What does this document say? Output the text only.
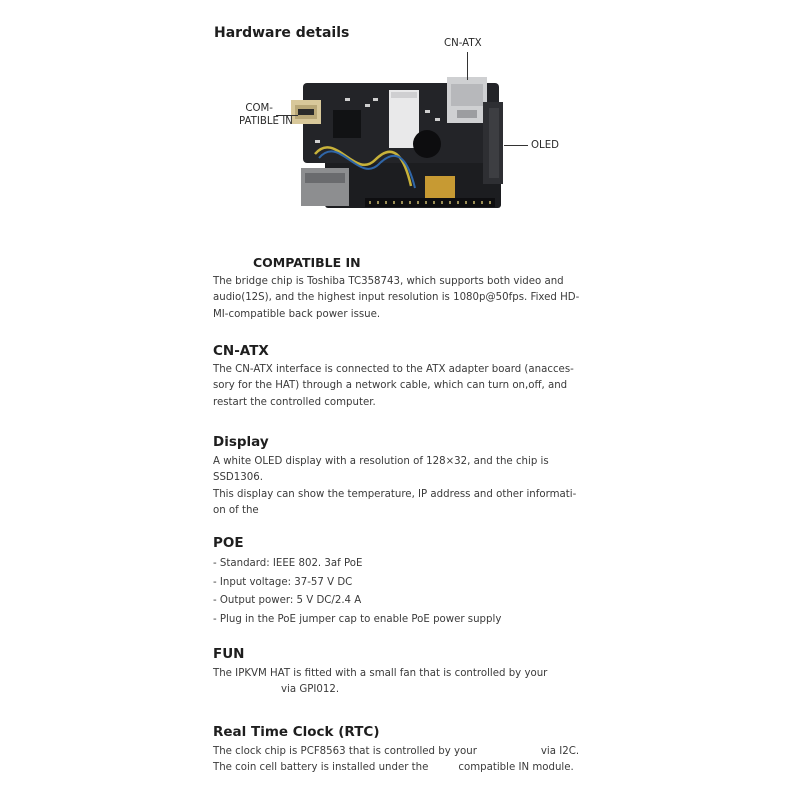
Hardware details
COM-
PATIBLE IN
CN-ATX
OLED
COMPATIBLE IN
The bridge chip is Toshiba TC358743, which supports both video and
audio(12S), and the highest input resolution is 1080p@50fps. Fixed HD-
MI-compatible back power issue.
CN-ATX
The CN-ATX interface is connected to the ATX adapter board (anacces-
sory for the HAT) through a network cable, which can turn on,off, and
restart the controlled computer.
Display
A white OLED display with a resolution of 128×32, and the chip is
SSD1306.
This display can show the temperature, IP address and other informati-
on of the
POE
- Standard: IEEE 802. 3af PoE
- Input voltage: 37-57 V DC
- Output power: 5 V DC/2.4 A
- Plug in the PoE jumper cap to enable PoE power supply
FUN
The IPKVM HAT is fitted with a small fan that is controlled by your
via GPI012.
Real Time Clock (RTC)
The clock chip is PCF8563 that is controlled by your	via I2C.
The coin cell battery is installed under the	compatible IN module.
